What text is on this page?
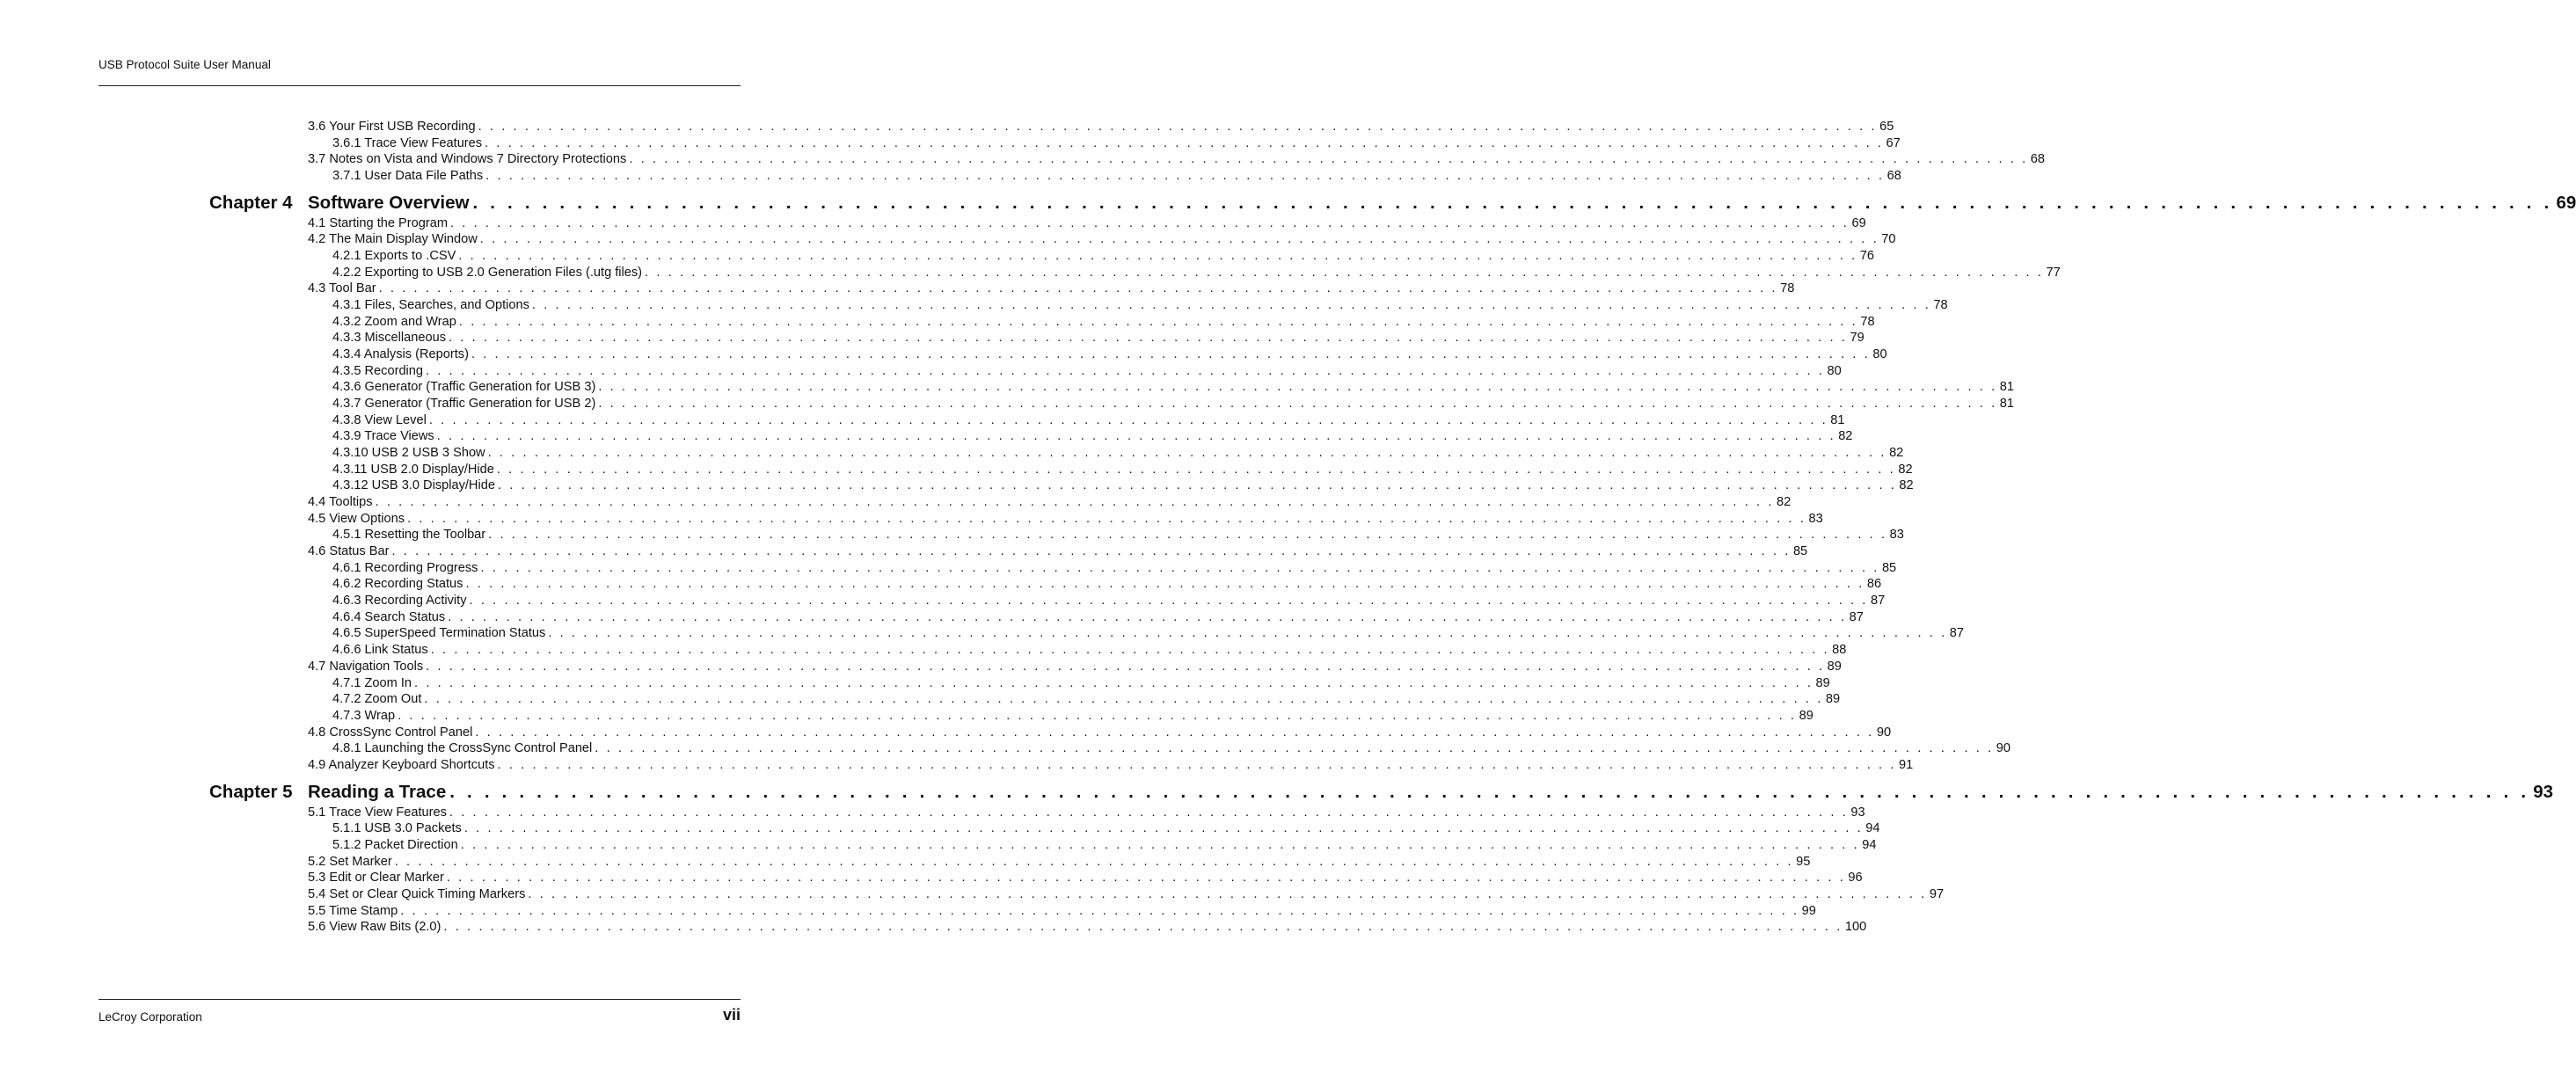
USB Protocol Suite User Manual
3.6 Your First USB Recording . . . . . . . . . . . . . . . . . . . . . . . . . . . . . . . . . . . . . . . . . . . . . . . . . . . . . . . . . . . . . . . . . . . . . . . . . . . . . . . . . . . . . . . . . . . . . . . . . . . . . . . . . . . . . . . . . . . . . . . . 65
3.6.1 Trace View Features . . . . . . . . . . . . . . . . . . . . . . . . . . . . . . . . . . . . . . . . . . . . . . . . . . . . . . . . . . . . . . . . . . . . . . . . . . . . . . . . . . . . . . . . . . . . . . . . . . . . . . . . . . . . . . . . . . . . . . . . 67
3.7 Notes on Vista and Windows 7 Directory Protections . . . . . . . . . . . . . . . . . . . . . . . . . . . . . . . . . . . . . . . . . . . . . . . . . . . . . . . . . . . . . . . . . . . . . . . . . . . . . . . . . . . . . . . . . . . . . . . . . . . . . . . . . . . . . . . . . . . . . . . . 68
3.7.1 User Data File Paths . . . . . . . . . . . . . . . . . . . . . . . . . . . . . . . . . . . . . . . . . . . . . . . . . . . . . . . . . . . . . . . . . . . . . . . . . . . . . . . . . . . . . . . . . . . . . . . . . . . . . . . . . . . . . . . . . . . . . . . . 68
Chapter 4 Software Overview . . . . . . . . . . . . . . . . . . . . . . . . . . . . . . . . . . . . . . . . . . . . . . . . . . . . . . . . . . . . . . . . . . . . . . . . . . . . . . . . . . . . . . . . . . . . . . . . . . . . . . . . . . . . . . . . . . . . . . . . 69
4.1 Starting the Program . . . . . . . . . . . . . . . . . . . . . . . . . . . . . . . . . . . . . . . . . . . . . . . . . . . . . . . . . . . . . . . . . . . . . . . . . . . . . . . . . . . . . . . . . . . . . . . . . . . . . . . . . . . . . . . . . . . . . . . . 69
4.2 The Main Display Window . . . . . . . . . . . . . . . . . . . . . . . . . . . . . . . . . . . . . . . . . . . . . . . . . . . . . . . . . . . . . . . . . . . . . . . . . . . . . . . . . . . . . . . . . . . . . . . . . . . . . . . . . . . . . . . . . . . . . . . . 70
4.2.1 Exports to .CSV . . . . . . . . . . . . . . . . . . . . . . . . . . . . . . . . . . . . . . . . . . . . . . . . . . . . . . . . . . . . . . . . . . . . . . . . . . . . . . . . . . . . . . . . . . . . . . . . . . . . . . . . . . . . . . . . . . . . . . . . 76
4.2.2 Exporting to USB 2.0 Generation Files (.utg files) . . . . . . . . . . . . . . . . . . . . . . . . . . . . . . . . . . . . . . . . . . . . . . . . . . . . . . . . . . . . . . . . . . . . . . . . . . . . . . . . . . . . . . . . . . . . . . . . . . . . . . . . . . . . . . . . . . . . . . . . 77
4.3 Tool Bar . . . . . . . . . . . . . . . . . . . . . . . . . . . . . . . . . . . . . . . . . . . . . . . . . . . . . . . . . . . . . . . . . . . . . . . . . . . . . . . . . . . . . . . . . . . . . . . . . . . . . . . . . . . . . . . . . . . . . . . . 78
4.3.1 Files, Searches, and Options . . . . . . . . . . . . . . . . . . . . . . . . . . . . . . . . . . . . . . . . . . . . . . . . . . . . . . . . . . . . . . . . . . . . . . . . . . . . . . . . . . . . . . . . . . . . . . . . . . . . . . . . . . . . . . . . . . . . . . . . 78
4.3.2 Zoom and Wrap . . . . . . . . . . . . . . . . . . . . . . . . . . . . . . . . . . . . . . . . . . . . . . . . . . . . . . . . . . . . . . . . . . . . . . . . . . . . . . . . . . . . . . . . . . . . . . . . . . . . . . . . . . . . . . . . . . . . . . . . 78
4.3.3 Miscellaneous . . . . . . . . . . . . . . . . . . . . . . . . . . . . . . . . . . . . . . . . . . . . . . . . . . . . . . . . . . . . . . . . . . . . . . . . . . . . . . . . . . . . . . . . . . . . . . . . . . . . . . . . . . . . . . . . . . . . . . . . 79
4.3.4 Analysis (Reports) . . . . . . . . . . . . . . . . . . . . . . . . . . . . . . . . . . . . . . . . . . . . . . . . . . . . . . . . . . . . . . . . . . . . . . . . . . . . . . . . . . . . . . . . . . . . . . . . . . . . . . . . . . . . . . . . . . . . . . . . 80
4.3.5 Recording . . . . . . . . . . . . . . . . . . . . . . . . . . . . . . . . . . . . . . . . . . . . . . . . . . . . . . . . . . . . . . . . . . . . . . . . . . . . . . . . . . . . . . . . . . . . . . . . . . . . . . . . . . . . . . . . . . . . . . . . 80
4.3.6 Generator (Traffic Generation for USB 3) . . . . . . . . . . . . . . . . . . . . . . . . . . . . . . . . . . . . . . . . . . . . . . . . . . . . . . . . . . . . . . . . . . . . . . . . . . . . . . . . . . . . . . . . . . . . . . . . . . . . . . . . . . . . . . . . . . . . . . . . 81
4.3.7 Generator (Traffic Generation for USB 2) . . . . . . . . . . . . . . . . . . . . . . . . . . . . . . . . . . . . . . . . . . . . . . . . . . . . . . . . . . . . . . . . . . . . . . . . . . . . . . . . . . . . . . . . . . . . . . . . . . . . . . . . . . . . . . . . . . . . . . . . 81
4.3.8 View Level . . . . . . . . . . . . . . . . . . . . . . . . . . . . . . . . . . . . . . . . . . . . . . . . . . . . . . . . . . . . . . . . . . . . . . . . . . . . . . . . . . . . . . . . . . . . . . . . . . . . . . . . . . . . . . . . . . . . . . . . 81
4.3.9 Trace Views . . . . . . . . . . . . . . . . . . . . . . . . . . . . . . . . . . . . . . . . . . . . . . . . . . . . . . . . . . . . . . . . . . . . . . . . . . . . . . . . . . . . . . . . . . . . . . . . . . . . . . . . . . . . . . . . . . . . . . . . 82
4.3.10 USB 2 USB 3 Show . . . . . . . . . . . . . . . . . . . . . . . . . . . . . . . . . . . . . . . . . . . . . . . . . . . . . . . . . . . . . . . . . . . . . . . . . . . . . . . . . . . . . . . . . . . . . . . . . . . . . . . . . . . . . . . . . . . . . . . . 82
4.3.11 USB 2.0 Display/Hide . . . . . . . . . . . . . . . . . . . . . . . . . . . . . . . . . . . . . . . . . . . . . . . . . . . . . . . . . . . . . . . . . . . . . . . . . . . . . . . . . . . . . . . . . . . . . . . . . . . . . . . . . . . . . . . . . . . . . . . . 82
4.3.12 USB 3.0 Display/Hide . . . . . . . . . . . . . . . . . . . . . . . . . . . . . . . . . . . . . . . . . . . . . . . . . . . . . . . . . . . . . . . . . . . . . . . . . . . . . . . . . . . . . . . . . . . . . . . . . . . . . . . . . . . . . . . . . . . . . . . . 82
4.4 Tooltips . . . . . . . . . . . . . . . . . . . . . . . . . . . . . . . . . . . . . . . . . . . . . . . . . . . . . . . . . . . . . . . . . . . . . . . . . . . . . . . . . . . . . . . . . . . . . . . . . . . . . . . . . . . . . . . . . . . . . . . . 82
4.5 View Options . . . . . . . . . . . . . . . . . . . . . . . . . . . . . . . . . . . . . . . . . . . . . . . . . . . . . . . . . . . . . . . . . . . . . . . . . . . . . . . . . . . . . . . . . . . . . . . . . . . . . . . . . . . . . . . . . . . . . . . . 83
4.5.1 Resetting the Toolbar . . . . . . . . . . . . . . . . . . . . . . . . . . . . . . . . . . . . . . . . . . . . . . . . . . . . . . . . . . . . . . . . . . . . . . . . . . . . . . . . . . . . . . . . . . . . . . . . . . . . . . . . . . . . . . . . . . . . . . . . 83
4.6 Status Bar . . . . . . . . . . . . . . . . . . . . . . . . . . . . . . . . . . . . . . . . . . . . . . . . . . . . . . . . . . . . . . . . . . . . . . . . . . . . . . . . . . . . . . . . . . . . . . . . . . . . . . . . . . . . . . . . . . . . . . . . 85
4.6.1 Recording Progress . . . . . . . . . . . . . . . . . . . . . . . . . . . . . . . . . . . . . . . . . . . . . . . . . . . . . . . . . . . . . . . . . . . . . . . . . . . . . . . . . . . . . . . . . . . . . . . . . . . . . . . . . . . . . . . . . . . . . . . . 85
4.6.2 Recording Status . . . . . . . . . . . . . . . . . . . . . . . . . . . . . . . . . . . . . . . . . . . . . . . . . . . . . . . . . . . . . . . . . . . . . . . . . . . . . . . . . . . . . . . . . . . . . . . . . . . . . . . . . . . . . . . . . . . . . . . . 86
4.6.3 Recording Activity . . . . . . . . . . . . . . . . . . . . . . . . . . . . . . . . . . . . . . . . . . . . . . . . . . . . . . . . . . . . . . . . . . . . . . . . . . . . . . . . . . . . . . . . . . . . . . . . . . . . . . . . . . . . . . . . . . . . . . . . 87
4.6.4 Search Status . . . . . . . . . . . . . . . . . . . . . . . . . . . . . . . . . . . . . . . . . . . . . . . . . . . . . . . . . . . . . . . . . . . . . . . . . . . . . . . . . . . . . . . . . . . . . . . . . . . . . . . . . . . . . . . . . . . . . . . . 87
4.6.5 SuperSpeed Termination Status . . . . . . . . . . . . . . . . . . . . . . . . . . . . . . . . . . . . . . . . . . . . . . . . . . . . . . . . . . . . . . . . . . . . . . . . . . . . . . . . . . . . . . . . . . . . . . . . . . . . . . . . . . . . . . . . . . . . . . . . 87
4.6.6 Link Status . . . . . . . . . . . . . . . . . . . . . . . . . . . . . . . . . . . . . . . . . . . . . . . . . . . . . . . . . . . . . . . . . . . . . . . . . . . . . . . . . . . . . . . . . . . . . . . . . . . . . . . . . . . . . . . . . . . . . . . . 88
4.7 Navigation Tools . . . . . . . . . . . . . . . . . . . . . . . . . . . . . . . . . . . . . . . . . . . . . . . . . . . . . . . . . . . . . . . . . . . . . . . . . . . . . . . . . . . . . . . . . . . . . . . . . . . . . . . . . . . . . . . . . . . . . . . . 89
4.7.1 Zoom In . . . . . . . . . . . . . . . . . . . . . . . . . . . . . . . . . . . . . . . . . . . . . . . . . . . . . . . . . . . . . . . . . . . . . . . . . . . . . . . . . . . . . . . . . . . . . . . . . . . . . . . . . . . . . . . . . . . . . . . . 89
4.7.2 Zoom Out . . . . . . . . . . . . . . . . . . . . . . . . . . . . . . . . . . . . . . . . . . . . . . . . . . . . . . . . . . . . . . . . . . . . . . . . . . . . . . . . . . . . . . . . . . . . . . . . . . . . . . . . . . . . . . . . . . . . . . . . 89
4.7.3 Wrap . . . . . . . . . . . . . . . . . . . . . . . . . . . . . . . . . . . . . . . . . . . . . . . . . . . . . . . . . . . . . . . . . . . . . . . . . . . . . . . . . . . . . . . . . . . . . . . . . . . . . . . . . . . . . . . . . . . . . . . . 89
4.8 CrossSync Control Panel . . . . . . . . . . . . . . . . . . . . . . . . . . . . . . . . . . . . . . . . . . . . . . . . . . . . . . . . . . . . . . . . . . . . . . . . . . . . . . . . . . . . . . . . . . . . . . . . . . . . . . . . . . . . . . . . . . . . . . . . 90
4.8.1 Launching the CrossSync Control Panel . . . . . . . . . . . . . . . . . . . . . . . . . . . . . . . . . . . . . . . . . . . . . . . . . . . . . . . . . . . . . . . . . . . . . . . . . . . . . . . . . . . . . . . . . . . . . . . . . . . . . . . . . . . . . . . . . . . . . . . . 90
4.9 Analyzer Keyboard Shortcuts . . . . . . . . . . . . . . . . . . . . . . . . . . . . . . . . . . . . . . . . . . . . . . . . . . . . . . . . . . . . . . . . . . . . . . . . . . . . . . . . . . . . . . . . . . . . . . . . . . . . . . . . . . . . . . . . . . . . . . . . 91
Chapter 5 Reading a Trace . . . . . . . . . . . . . . . . . . . . . . . . . . . . . . . . . . . . . . . . . . . . . . . . . . . . . . . . . . . . . . . . . . . . . . . . . . . . . . . . . . . . . . . . . . . . . . . . . . . . . . . . . . . . . . . . . . . . . . . . 93
5.1 Trace View Features . . . . . . . . . . . . . . . . . . . . . . . . . . . . . . . . . . . . . . . . . . . . . . . . . . . . . . . . . . . . . . . . . . . . . . . . . . . . . . . . . . . . . . . . . . . . . . . . . . . . . . . . . . . . . . . . . . . . . . . . 93
5.1.1 USB 3.0 Packets . . . . . . . . . . . . . . . . . . . . . . . . . . . . . . . . . . . . . . . . . . . . . . . . . . . . . . . . . . . . . . . . . . . . . . . . . . . . . . . . . . . . . . . . . . . . . . . . . . . . . . . . . . . . . . . . . . . . . . . . 94
5.1.2 Packet Direction . . . . . . . . . . . . . . . . . . . . . . . . . . . . . . . . . . . . . . . . . . . . . . . . . . . . . . . . . . . . . . . . . . . . . . . . . . . . . . . . . . . . . . . . . . . . . . . . . . . . . . . . . . . . . . . . . . . . . . . . 94
5.2 Set Marker . . . . . . . . . . . . . . . . . . . . . . . . . . . . . . . . . . . . . . . . . . . . . . . . . . . . . . . . . . . . . . . . . . . . . . . . . . . . . . . . . . . . . . . . . . . . . . . . . . . . . . . . . . . . . . . . . . . . . . . . 95
5.3 Edit or Clear Marker . . . . . . . . . . . . . . . . . . . . . . . . . . . . . . . . . . . . . . . . . . . . . . . . . . . . . . . . . . . . . . . . . . . . . . . . . . . . . . . . . . . . . . . . . . . . . . . . . . . . . . . . . . . . . . . . . . . . . . . . 96
5.4 Set or Clear Quick Timing Markers . . . . . . . . . . . . . . . . . . . . . . . . . . . . . . . . . . . . . . . . . . . . . . . . . . . . . . . . . . . . . . . . . . . . . . . . . . . . . . . . . . . . . . . . . . . . . . . . . . . . . . . . . . . . . . . . . . . . . . . . 97
5.5 Time Stamp . . . . . . . . . . . . . . . . . . . . . . . . . . . . . . . . . . . . . . . . . . . . . . . . . . . . . . . . . . . . . . . . . . . . . . . . . . . . . . . . . . . . . . . . . . . . . . . . . . . . . . . . . . . . . . . . . . . . . . . . 99
5.6 View Raw Bits (2.0) . . . . . . . . . . . . . . . . . . . . . . . . . . . . . . . . . . . . . . . . . . . . . . . . . . . . . . . . . . . . . . . . . . . . . . . . . . . . . . . . . . . . . . . . . . . . . . . . . . . . . . . . . . . . . . . . . . . . . . . . 100
LeCroy Corporation	vii
